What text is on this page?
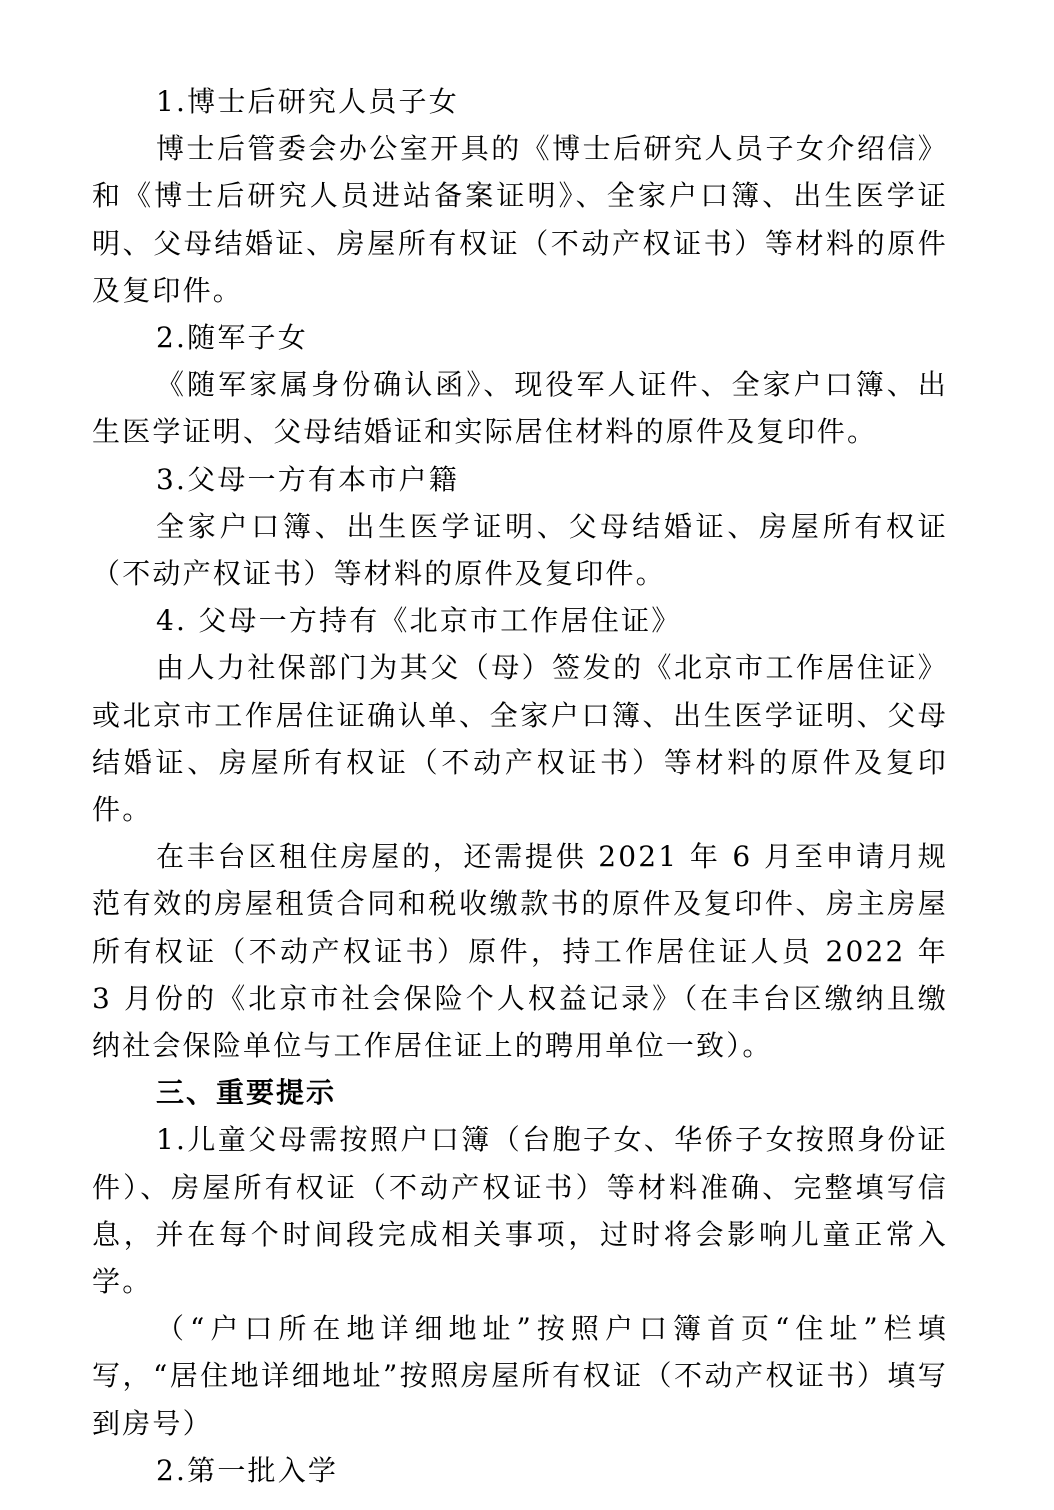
1.博士后研究人员子女

博士后管委会办公室开具的《博士后研究人员子女介绍信》和《博士后研究人员进站备案证明》、全家户口簿、出生医学证明、父母结婚证、房屋所有权证（不动产权证书）等材料的原件及复印件。

2.随军子女

《随军家属身份确认函》、现役军人证件、全家户口簿、出生医学证明、父母结婚证和实际居住材料的原件及复印件。

3.父母一方有本市户籍

全家户口簿、出生医学证明、父母结婚证、房屋所有权证（不动产权证书）等材料的原件及复印件。

4. 父母一方持有《北京市工作居住证》

由人力社保部门为其父（母）签发的《北京市工作居住证》或北京市工作居住证确认单、全家户口簿、出生医学证明、父母结婚证、房屋所有权证（不动产权证书）等材料的原件及复印件。

在丰台区租住房屋的，还需提供 2021 年 6 月至申请月规范有效的房屋租赁合同和税收缴款书的原件及复印件、房主房屋所有权证（不动产权证书）原件，持工作居住证人员 2022 年 3 月份的《北京市社会保险个人权益记录》（在丰台区缴纳且缴纳社会保险单位与工作居住证上的聘用单位一致）。

三、重要提示

1.儿童父母需按照户口簿（台胞子女、华侨子女按照身份证件）、房屋所有权证（不动产权证书）等材料准确、完整填写信息，并在每个时间段完成相关事项，过时将会影响儿童正常入学。

（“户口所在地详细地址”按照户口簿首页“住址”栏填写，“居住地详细地址”按照房屋所有权证（不动产权证书）填写到房号）

2.第一批入学
